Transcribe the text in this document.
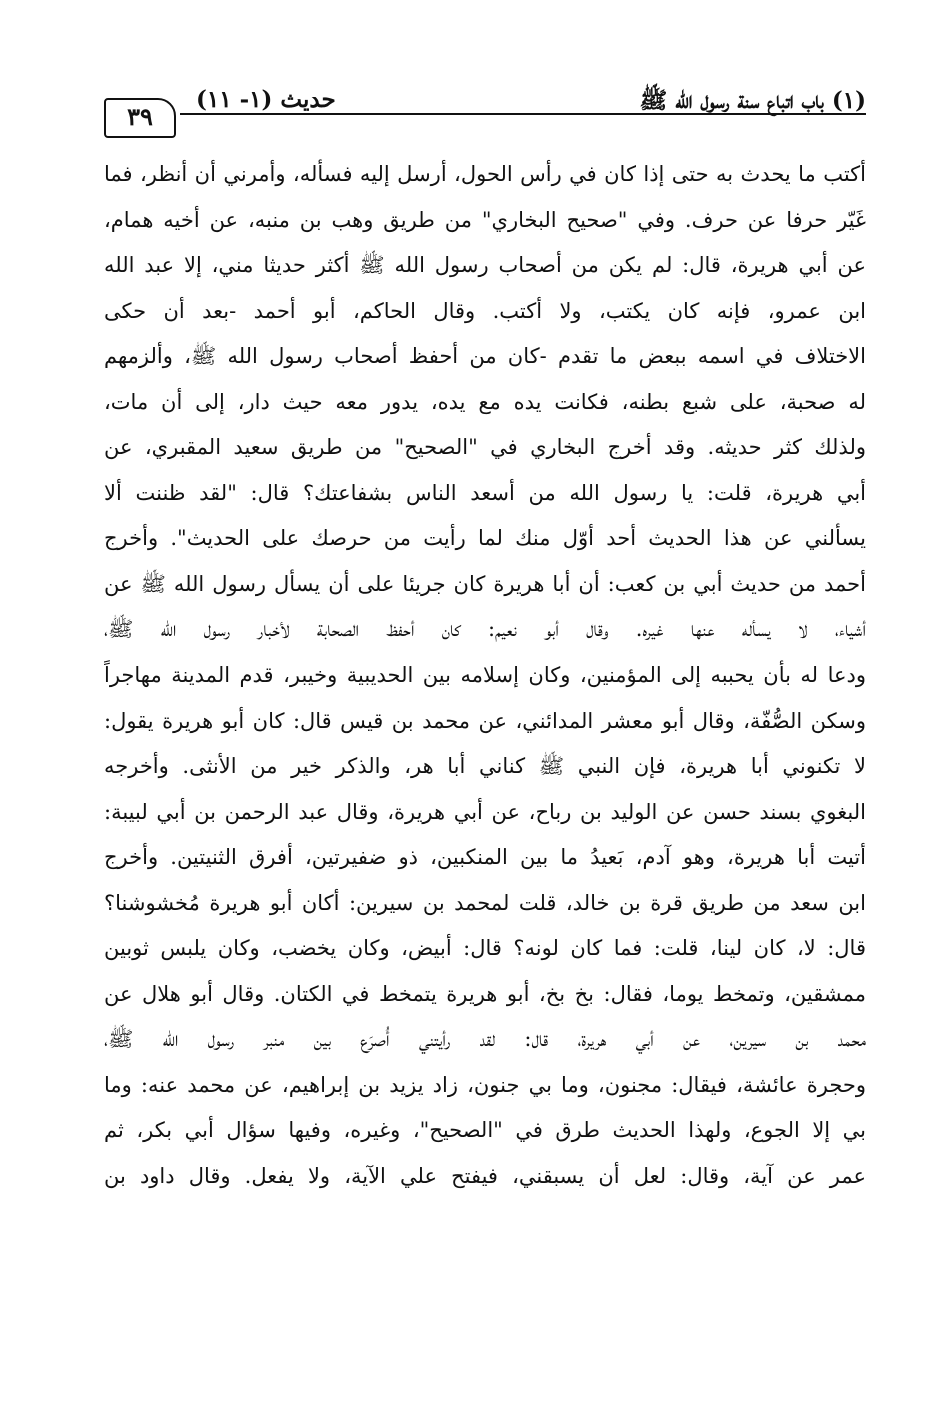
(١) باب اتباع سنة رسول الله ﷺ
حديث (١- ١١)
٣٩
أكتب ما يحدث به حتى إذا كان في رأس الحول، أرسل إليه فسأله، وأمرني أن أنظر، فما
غَيّر حرفا عن حرف. وفي "صحيح البخاري" من طريق وهب بن منبه، عن أخيه همام،
عن أبي هريرة، قال: لم يكن من أصحاب رسول الله ﷺ أكثر حديثا مني، إلا عبد الله
ابن عمرو، فإنه كان يكتب، ولا أكتب. وقال الحاكم، أبو أحمد -بعد أن حكى
الاختلاف في اسمه ببعض ما تقدم -كان من أحفظ أصحاب رسول الله ﷺ، وألزمهم
له صحبة، على شبع بطنه، فكانت يده مع يده، يدور معه حيث دار، إلى أن مات،
ولذلك كثر حديثه. وقد أخرج البخاري في "الصحيح" من طريق سعيد المقبري، عن
أبي هريرة، قلت: يا رسول الله من أسعد الناس بشفاعتك؟ قال: "لقد ظننت ألا
يسألني عن هذا الحديث أحد أوّل منك لما رأيت من حرصك على الحديث". وأخرج
أحمد من حديث أبي بن كعب: أن أبا هريرة كان جريئا على أن يسأل رسول الله ﷺ عن
أشياء، لا يسأله عنها غيره. وقال أبو نعيم: كان أحفظ الصحابة لأخبار رسول الله ﷺ،
ودعا له بأن يحببه إلى المؤمنين، وكان إسلامه بين الحديبية وخيبر، قدم المدينة مهاجراً
وسكن الصُّفّة، وقال أبو معشر المدائني، عن محمد بن قيس قال: كان أبو هريرة يقول:
لا تكنوني أبا هريرة، فإن النبي ﷺ كناني أبا هر، والذكر خير من الأنثى. وأخرجه
البغوي بسند حسن عن الوليد بن رباح، عن أبي هريرة، وقال عبد الرحمن بن أبي لبيبة:
أتيت أبا هريرة، وهو آدم، بَعيدُ ما بين المنكبين، ذو ضفيرتين، أفرق الثنيتين. وأخرج
ابن سعد من طريق قرة بن خالد، قلت لمحمد بن سيرين: أكان أبو هريرة مُخشوشنا؟
قال: لا، كان لينا، قلت: فما كان لونه؟ قال: أبيض، وكان يخضب، وكان يلبس ثوبين
ممشقين، وتمخط يوما، فقال: بخ بخ، أبو هريرة يتمخط في الكتان. وقال أبو هلال عن
محمد بن سيرين، عن أبي هريرة، قال: لقد رأيتني أُصرَع بين منبر رسول الله ﷺ،
وحجرة عائشة، فيقال: مجنون، وما بي جنون، زاد يزيد بن إبراهيم، عن محمد عنه: وما
بي إلا الجوع، ولهذا الحديث طرق في "الصحيح"، وغيره، وفيها سؤال أبي بكر، ثم
عمر عن آية، وقال: لعل أن يسبقني، فيفتح علي الآية، ولا يفعل. وقال داود بن
